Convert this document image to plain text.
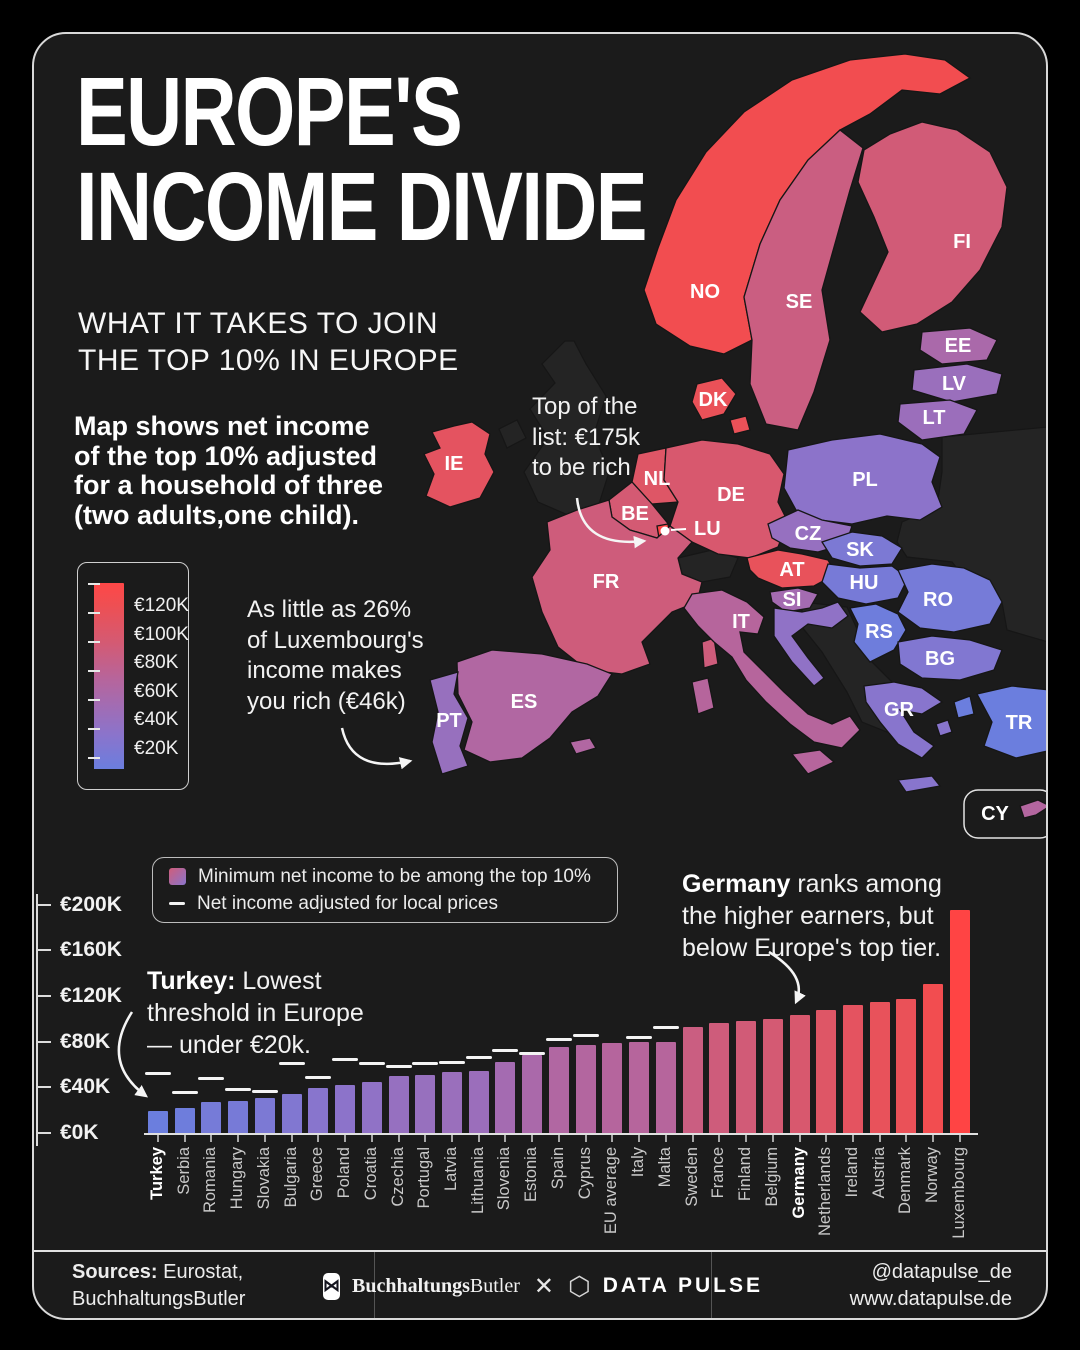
EUROPE'S
INCOME DIVIDE
WHAT IT TAKES TO JOIN
THE TOP 10% IN EUROPE
Map shows net income
of the top 10% adjusted
for a household of three
(two adults,one child).
IE
NO	SE
FI
EE
LV
LT
DK
NL
BE
DE
FR
PL
CZ
SK
AT
HU
SI
IT
RO
RS
BG
GR
TR
ES
PT
LU
CY
€120K
€100K
€80K
€60K
€40K
€20K
Top of the
list: €175k
to be rich
As little as 26%
of Luxembourg's
income makes
you rich (€46k)
Minimum net income to be among the top 10%
Net income adjusted for local prices
Turkey: Lowest
threshold in Europe
— under €20k.
Germany ranks among
the higher earners, but
below Europe's top tier.
€0K
€40K
€80K
€120K
€160K
€200K
Turkey Serbia Romania Hungary Slovakia Bulgaria Greece Poland Croatia Czechia Portugal Latvia Lithuania Slovenia Estonia Spain Cyprus EU average Italy Malta Sweden France Finland Belgium Germany Netherlands Ireland Austria Denmark Norway Luxembourg
Sources: Eurostat,
BuchhaltungsButler
⋈ BuchhaltungsButler ✕ ⬡ DATA PULSE
@datapulse_de
www.datapulse.de
